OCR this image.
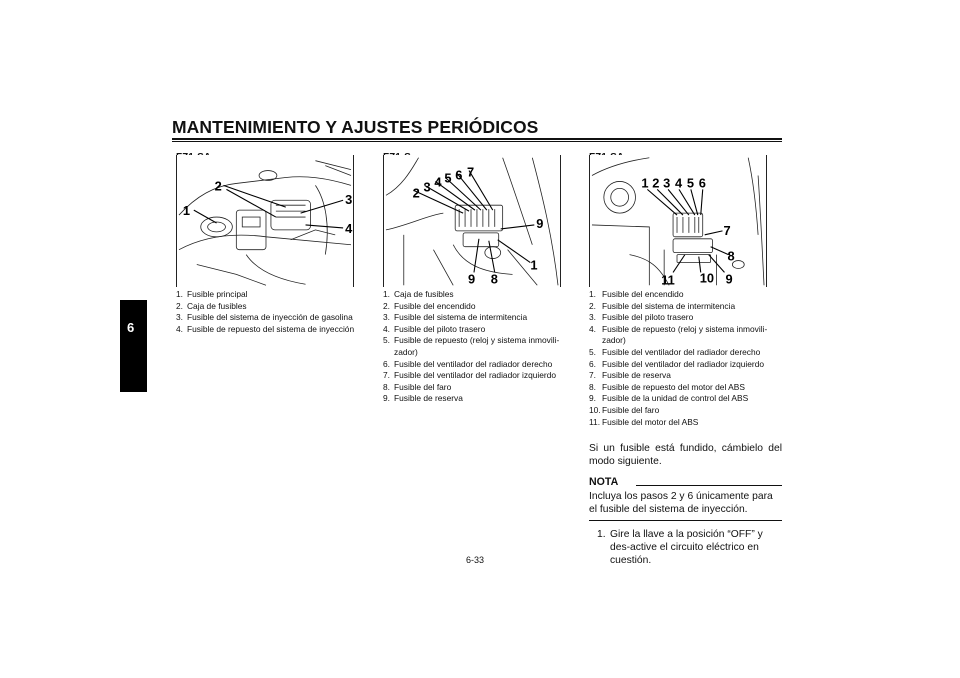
MANTENIMIENTO Y AJUSTES PERIÓDICOS
6
1
2
3
4
1. Fusible principal
2. Caja de fusibles
3. Fusible del sistema de inyección de gasolina
4. Fusible de repuesto del sistema de inyección
2 3 4 5 6 7
9
1
9 8
1. Caja de fusibles
2. Fusible del encendido
3. Fusible del sistema de intermitencia
4. Fusible del piloto trasero
5. Fusible de repuesto (reloj y sistema inmovili-zador)
6. Fusible del ventilador del radiador derecho
7. Fusible del ventilador del radiador izquierdo
8. Fusible del faro
9. Fusible de reserva
1 2 3 4 5 6
7
8
11 10 9
1. Fusible del encendido
2. Fusible del sistema de intermitencia
3. Fusible del piloto trasero
4. Fusible de repuesto (reloj y sistema inmovili-zador)
5. Fusible del ventilador del radiador derecho
6. Fusible del ventilador del radiador izquierdo
7. Fusible de reserva
8. Fusible de repuesto del motor del ABS
9. Fusible de la unidad de control del ABS
10. Fusible del faro
11. Fusible del motor del ABS
Si un fusible está fundido, cámbielo del modo siguiente.
NOTA
Incluya los pasos 2 y 6 únicamente para el fusible del sistema de inyección.
1. Gire la llave a la posición “OFF” y des-active el circuito eléctrico en cuestión.
6-33
